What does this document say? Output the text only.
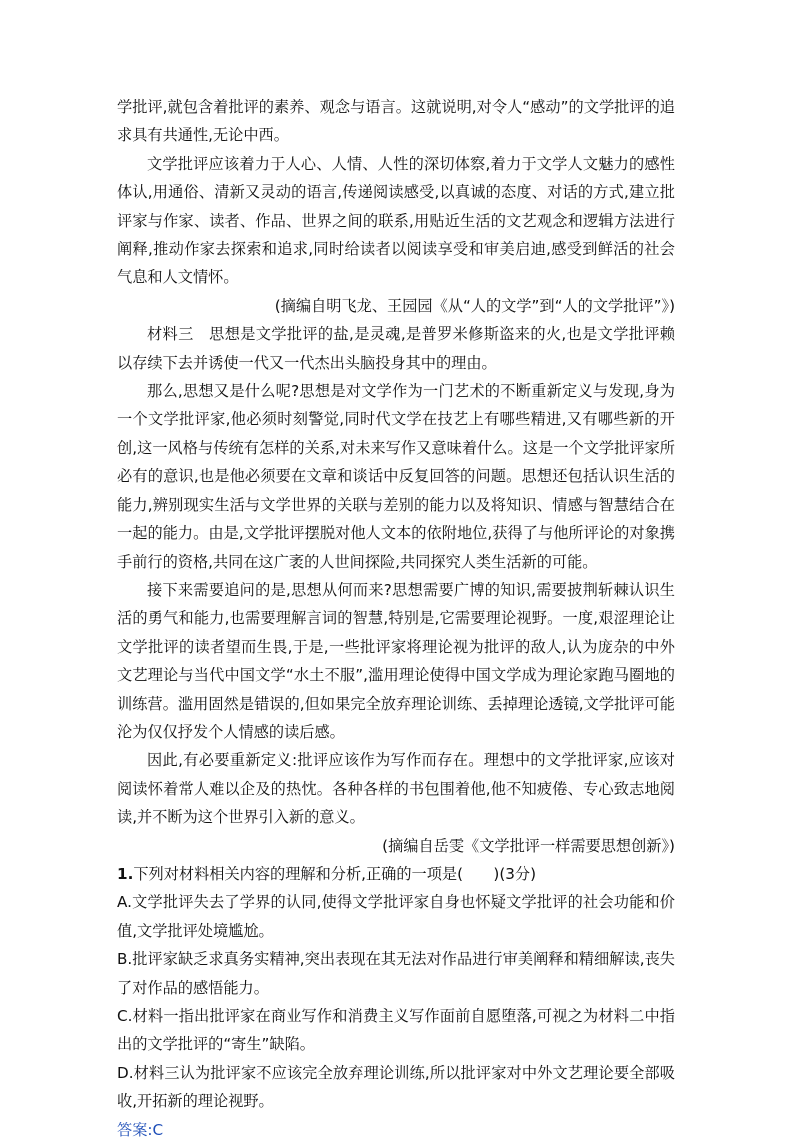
学批评,就包含着批评的素养、观念与语言。这就说明,对令人“感动”的文学批评的追求具有共通性,无论中西。

文学批评应该着力于人心、人情、人性的深切体察,着力于文学人文魅力的感性体认,用通俗、清新又灵动的语言,传递阅读感受,以真诚的态度、对话的方式,建立批评家与作家、读者、作品、世界之间的联系,用贴近生活的文艺观念和逻辑方法进行阐释,推动作家去探索和追求,同时给读者以阅读享受和审美启迪,感受到鲜活的社会气息和人文情怀。

(摘编自明飞龙、王园园《从“人的文学”到“人的文学批评”》)

材料三　思想是文学批评的盐,是灵魂,是普罗米修斯盗来的火,也是文学批评赖以存续下去并诱使一代又一代杰出头脑投身其中的理由。

那么,思想又是什么呢?思想是对文学作为一门艺术的不断重新定义与发现,身为一个文学批评家,他必须时刻警觉,同时代文学在技艺上有哪些精进,又有哪些新的开创,这一风格与传统有怎样的关系,对未来写作又意味着什么。这是一个文学批评家所必有的意识,也是他必须要在文章和谈话中反复回答的问题。思想还包括认识生活的能力,辨别现实生活与文学世界的关联与差别的能力以及将知识、情感与智慧结合在一起的能力。由是,文学批评摆脱对他人文本的依附地位,获得了与他所评论的对象携手前行的资格,共同在这广袤的人世间探险,共同探究人类生活新的可能。

接下来需要追问的是,思想从何而来?思想需要广博的知识,需要披荆斩棘认识生活的勇气和能力,也需要理解言词的智慧,特别是,它需要理论视野。一度,艰涩理论让文学批评的读者望而生畏,于是,一些批评家将理论视为批评的敌人,认为庞杂的中外文艺理论与当代中国文学“水土不服”,滥用理论使得中国文学成为理论家跑马圈地的训练营。滥用固然是错误的,但如果完全放弃理论训练、丢掉理论透镜,文学批评可能沦为仅仅抒发个人情感的读后感。

因此,有必要重新定义:批评应该作为写作而存在。理想中的文学批评家,应该对阅读怀着常人难以企及的热忱。各种各样的书包围着他,他不知疲倦、专心致志地阅读,并不断为这个世界引入新的意义。

(摘编自岳雯《文学批评一样需要思想创新》)

1.下列对材料相关内容的理解和分析,正确的一项是(　　)(3分)

A.文学批评失去了学界的认同,使得文学批评家自身也怀疑文学批评的社会功能和价值,文学批评处境尴尬。

B.批评家缺乏求真务实精神,突出表现在其无法对作品进行审美阐释和精细解读,丧失了对作品的感悟能力。

C.材料一指出批评家在商业写作和消费主义写作面前自愿堕落,可视之为材料二中指出的文学批评的“寄生”缺陷。

D.材料三认为批评家不应该完全放弃理论训练,所以批评家对中外文艺理论要全部吸收,开拓新的理论视野。

答案:C
